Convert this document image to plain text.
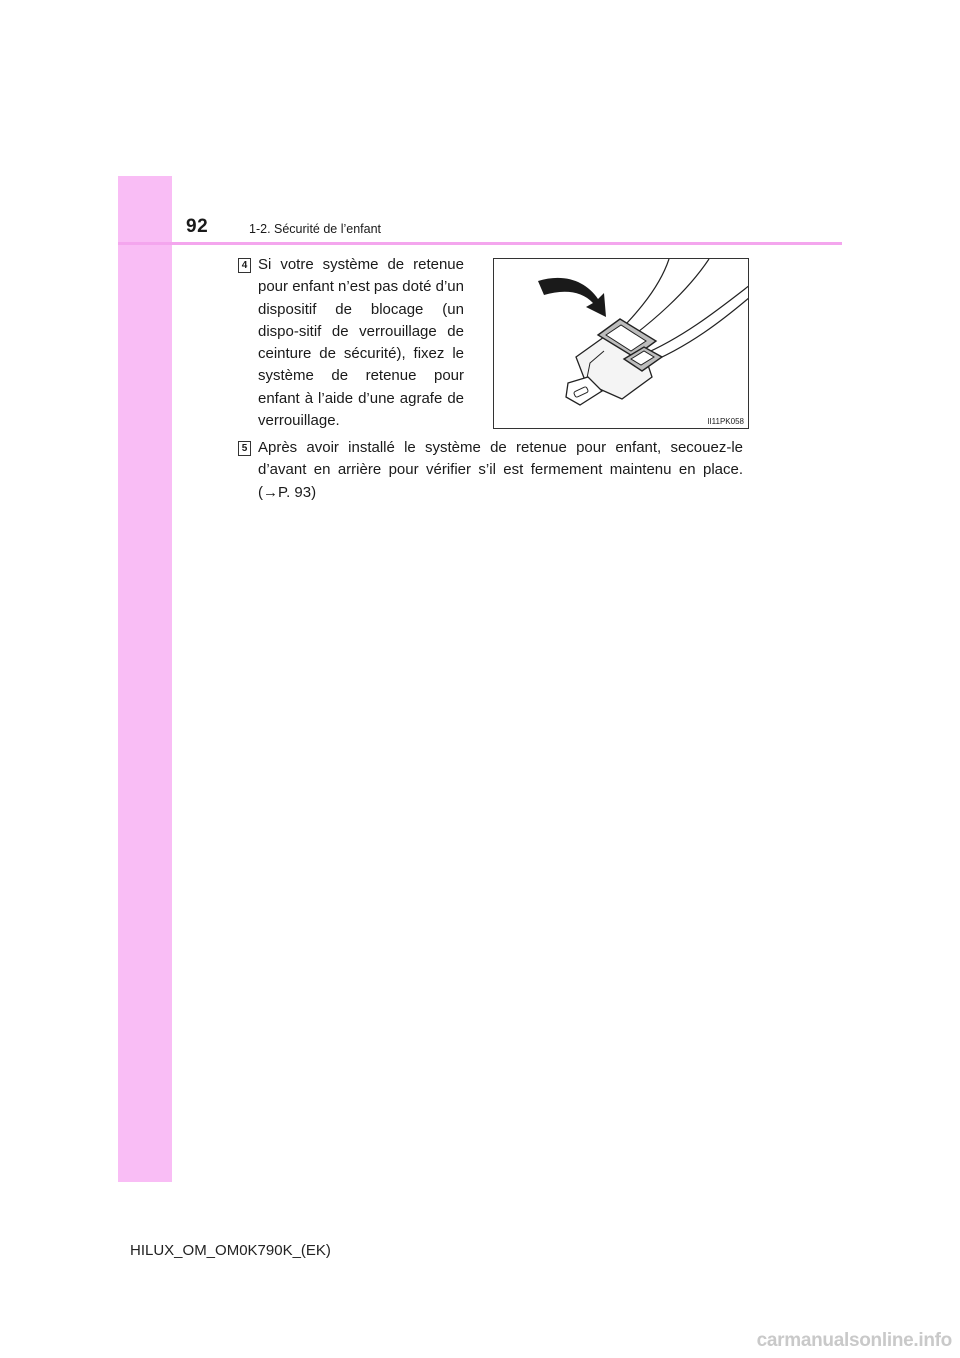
92	1-2. Sécurité de l’enfant
4 Si votre système de retenue pour enfant n’est pas doté d’un dispositif de blocage (un dispo-sitif de verrouillage de ceinture de sécurité), fixez le système de retenue pour enfant à l’aide d’une agrafe de verrouillage.	II11PK058
5 Après avoir installé le système de retenue pour enfant, secouez-le d’avant en arrière pour vérifier s’il est fermement maintenu en place. (→P. 93)
HILUX_OM_OM0K790K_(EK)
carmanualsonline.info
